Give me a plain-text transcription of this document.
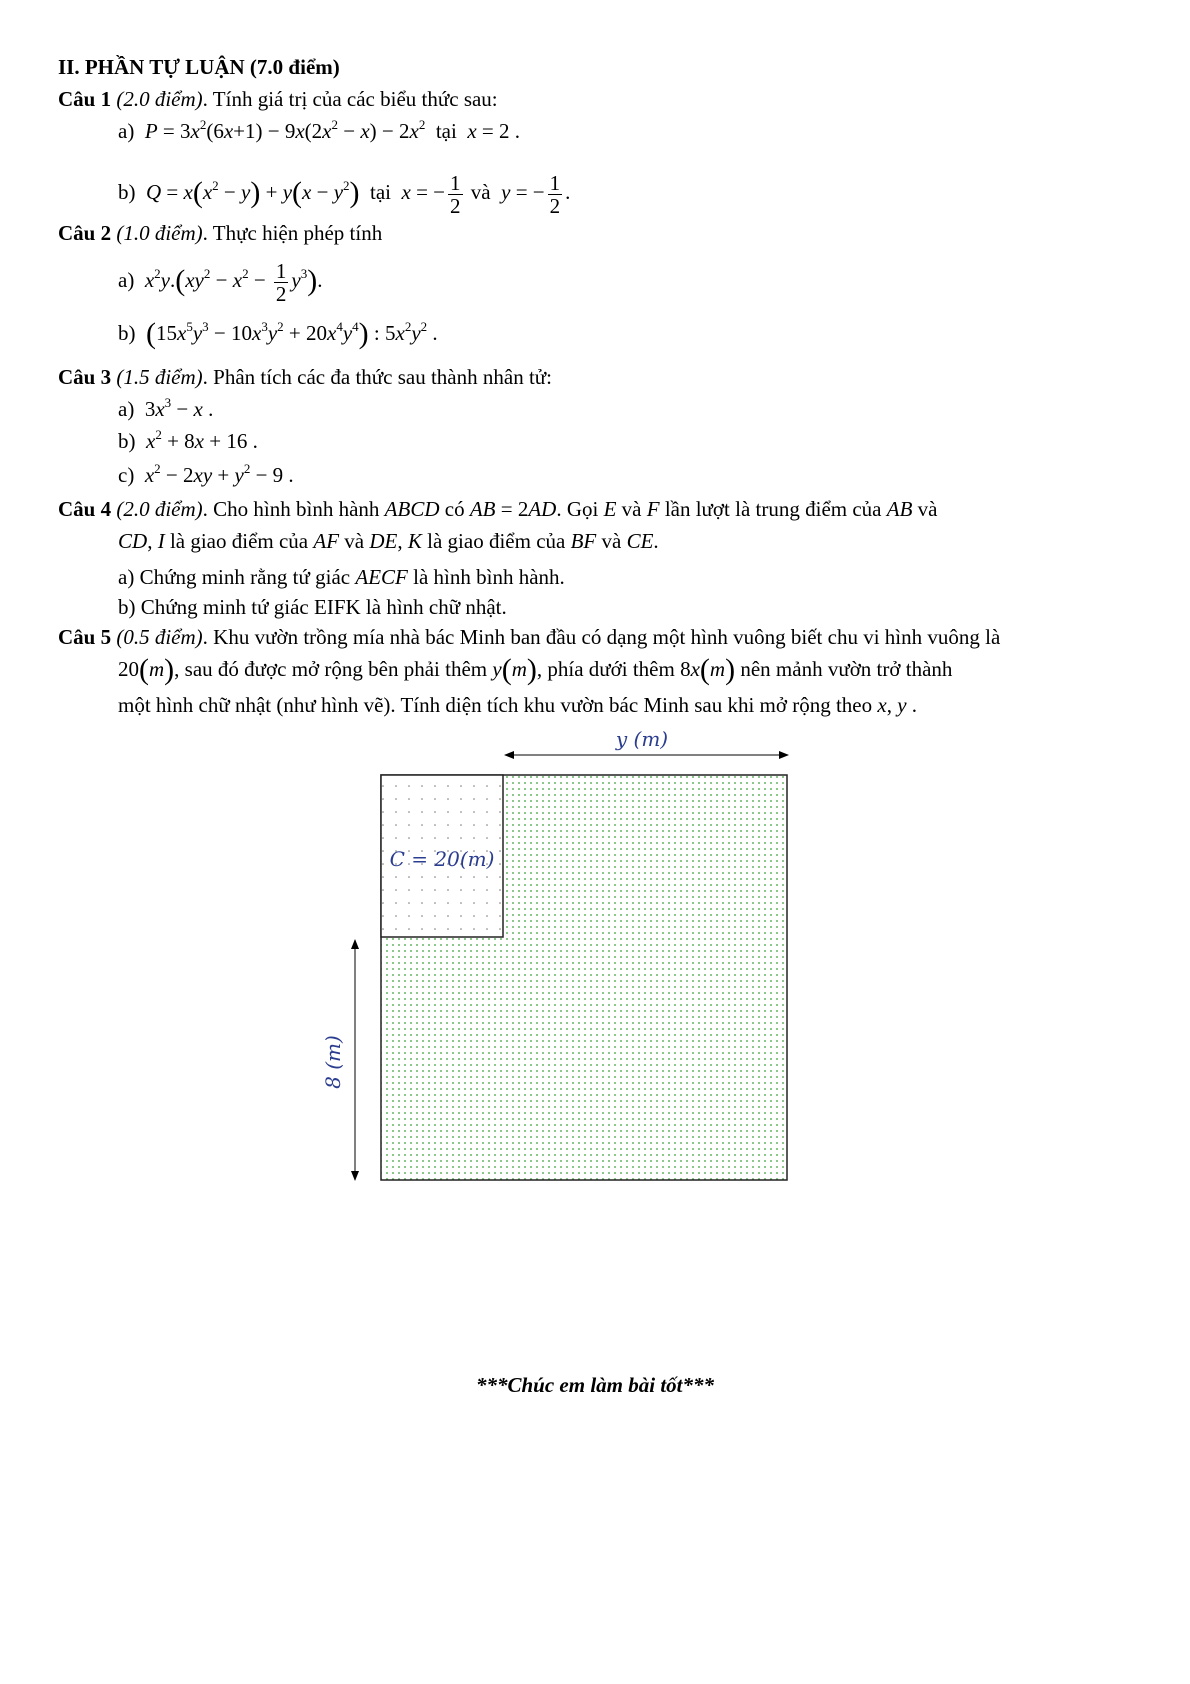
II. PHẦN TỰ LUẬN (7.0 điểm)
Câu 1 (2.0 điểm). Tính giá trị của các biểu thức sau:
a) $P = 3x^2(6x+1) - 9x(2x^2 - x) - 2x^2$ tại x = 2 .
b) $Q = x(x^2 - y) + y(x - y^2)$ tại x = − $\frac{1}{2}$ và y = − $\frac{1}{2}$ .
Câu 2 (1.0 điểm). Thực hiện phép tính
a) $x^2y.(xy^2 - x^2 - \frac{1}{2} y^3)$.
b) $(15x^5y^3 - 10x^3y^2 + 20x^4y^4)$ : $5x^2y^2$ .
Câu 3 (1.5 điểm). Phân tích các đa thức sau thành nhân tử:
a)  $3x^3 - x$ .
b) $x^2 + 8x + 16$ .
c) $x^2 - 2xy + y^2 - 9$ .
Câu 4 (2.0 điểm). Cho hình bình hành ABCD có AB = 2AD. Gọi E và F lần lượt là trung điểm của AB và
CD, I là giao điểm của AF và DE, K là giao điểm của BF và CE.
a) Chứng minh rằng tứ giác AECF là hình bình hành.
b) Chứng minh tứ giác EIFK là hình chữ nhật.
Câu 5 (0.5 điểm). Khu vườn trồng mía nhà bác Minh ban đầu có dạng một hình vuông biết chu vi hình vuông là
20(m), sau đó được mở rộng bên phải thêm y(m), phía dưới thêm 8x(m) nên mảnh vườn trở thành
một hình chữ nhật (như hình vẽ). Tính diện tích khu vườn bác Minh sau khi mở rộng theo x, y .
y (m)
C = 20(m)
8 (m)
***Chúc em làm bài tốt***
